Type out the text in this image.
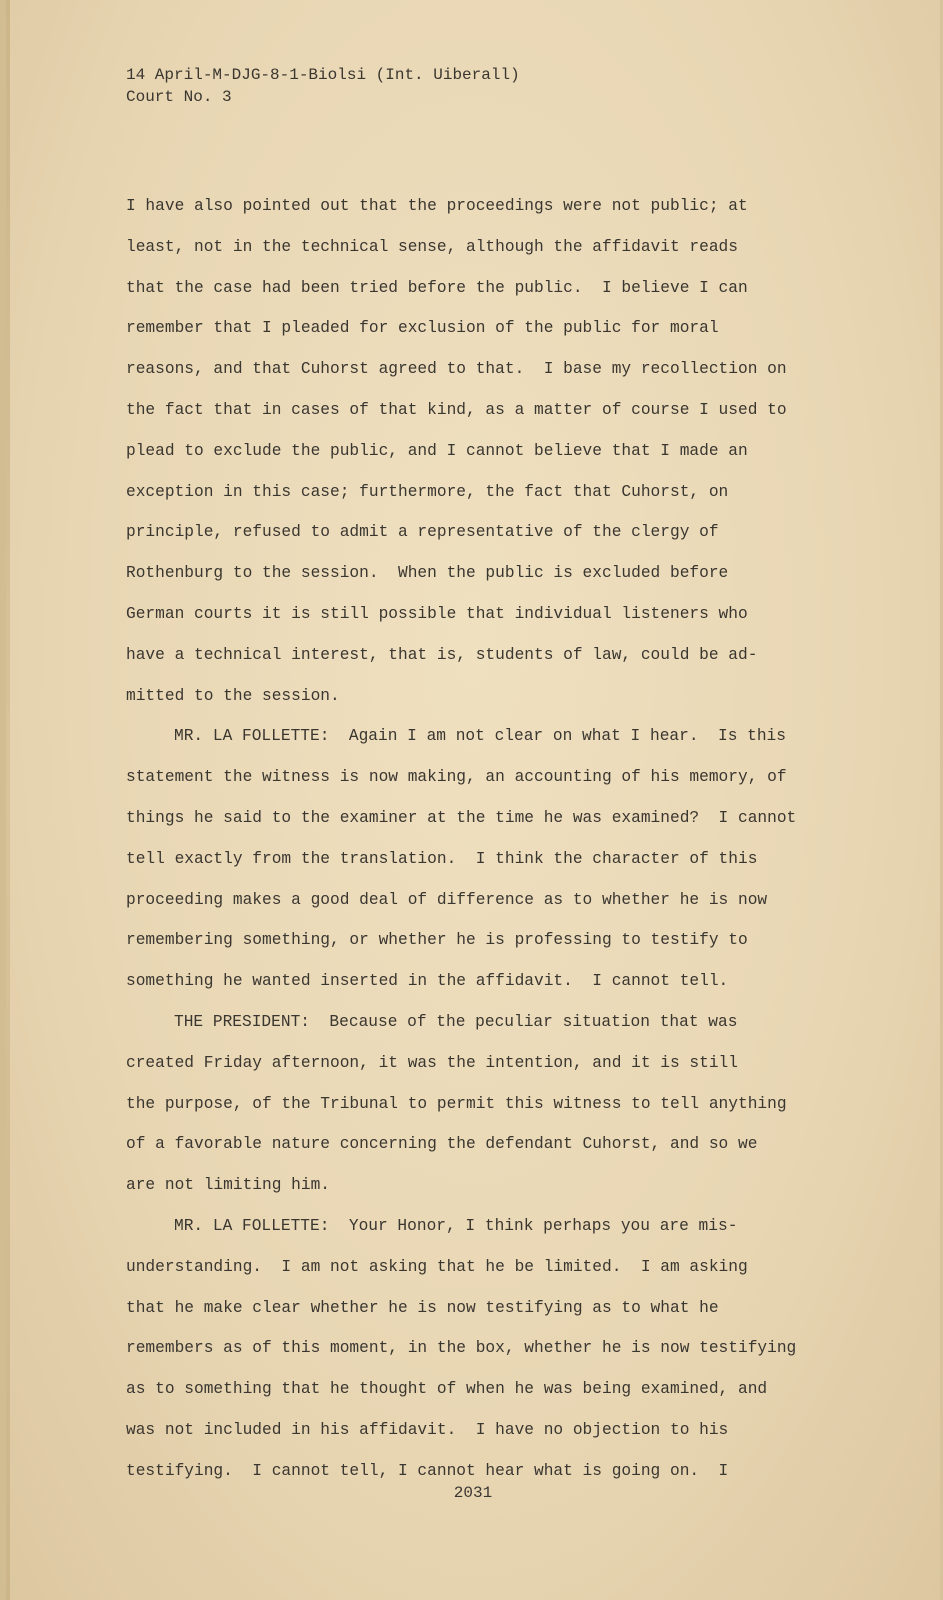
14 April-M-DJG-8-1-Biolsi (Int. Uiberall)
Court No. 3
I have also pointed out that the proceedings were not public; at
least, not in the technical sense, although the affidavit reads
that the case had been tried before the public.  I believe I can
remember that I pleaded for exclusion of the public for moral
reasons, and that Cuhorst agreed to that.  I base my recollection on
the fact that in cases of that kind, as a matter of course I used to
plead to exclude the public, and I cannot believe that I made an
exception in this case; furthermore, the fact that Cuhorst, on
principle, refused to admit a representative of the clergy of
Rothenburg to the session.  When the public is excluded before
German courts it is still possible that individual listeners who
have a technical interest, that is, students of law, could be ad-
mitted to the session.
MR. LA FOLLETTE:  Again I am not clear on what I hear.  Is this
statement the witness is now making, an accounting of his memory, of
things he said to the examiner at the time he was examined?  I cannot
tell exactly from the translation.  I think the character of this
proceeding makes a good deal of difference as to whether he is now
remembering something, or whether he is professing to testify to
something he wanted inserted in the affidavit.  I cannot tell.
THE PRESIDENT:  Because of the peculiar situation that was
created Friday afternoon, it was the intention, and it is still
the purpose, of the Tribunal to permit this witness to tell anything
of a favorable nature concerning the defendant Cuhorst, and so we
are not limiting him.
MR. LA FOLLETTE:  Your Honor, I think perhaps you are mis-
understanding.  I am not asking that he be limited.  I am asking
that he make clear whether he is now testifying as to what he
remembers as of this moment, in the box, whether he is now testifying
as to something that he thought of when he was being examined, and
was not included in his affidavit.  I have no objection to his
testifying.  I cannot tell, I cannot hear what is going on.  I
2031
